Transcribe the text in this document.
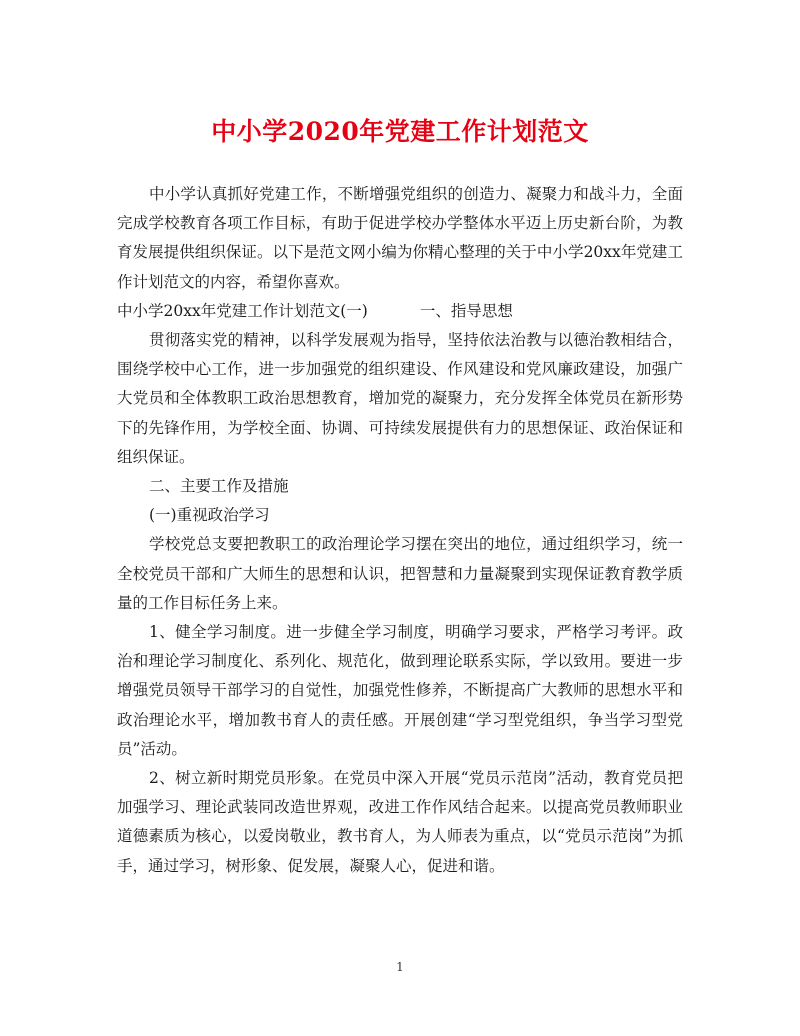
中小学2020年党建工作计划范文

中小学认真抓好党建工作，不断增强党组织的创造力、凝聚力和战斗力，全面完成学校教育各项工作目标，有助于促进学校办学整体水平迈上历史新台阶，为教育发展提供组织保证。以下是范文网小编为你精心整理的关于中小学20xx年党建工作计划范文的内容，希望你喜欢。

中小学20xx年党建工作计划范文(一)	一、指导思想

贯彻落实党的精神，以科学发展观为指导，坚持依法治教与以德治教相结合，围绕学校中心工作，进一步加强党的组织建设、作风建设和党风廉政建设，加强广大党员和全体教职工政治思想教育，增加党的凝聚力，充分发挥全体党员在新形势下的先锋作用，为学校全面、协调、可持续发展提供有力的思想保证、政治保证和组织保证。

二、主要工作及措施

(一)重视政治学习

学校党总支要把教职工的政治理论学习摆在突出的地位，通过组织学习，统一全校党员干部和广大师生的思想和认识，把智慧和力量凝聚到实现保证教育教学质量的工作目标任务上来。

1、健全学习制度。进一步健全学习制度，明确学习要求，严格学习考评。政治和理论学习制度化、系列化、规范化，做到理论联系实际，学以致用。要进一步增强党员领导干部学习的自觉性，加强党性修养，不断提高广大教师的思想水平和政治理论水平，增加教书育人的责任感。开展创建“学习型党组织，争当学习型党员”活动。

2、树立新时期党员形象。在党员中深入开展“党员示范岗”活动，教育党员把加强学习、理论武装同改造世界观，改进工作作风结合起来。以提高党员教师职业道德素质为核心，以爱岗敬业，教书育人，为人师表为重点，以“党员示范岗”为抓手，通过学习，树形象、促发展，凝聚人心，促进和谐。

1
